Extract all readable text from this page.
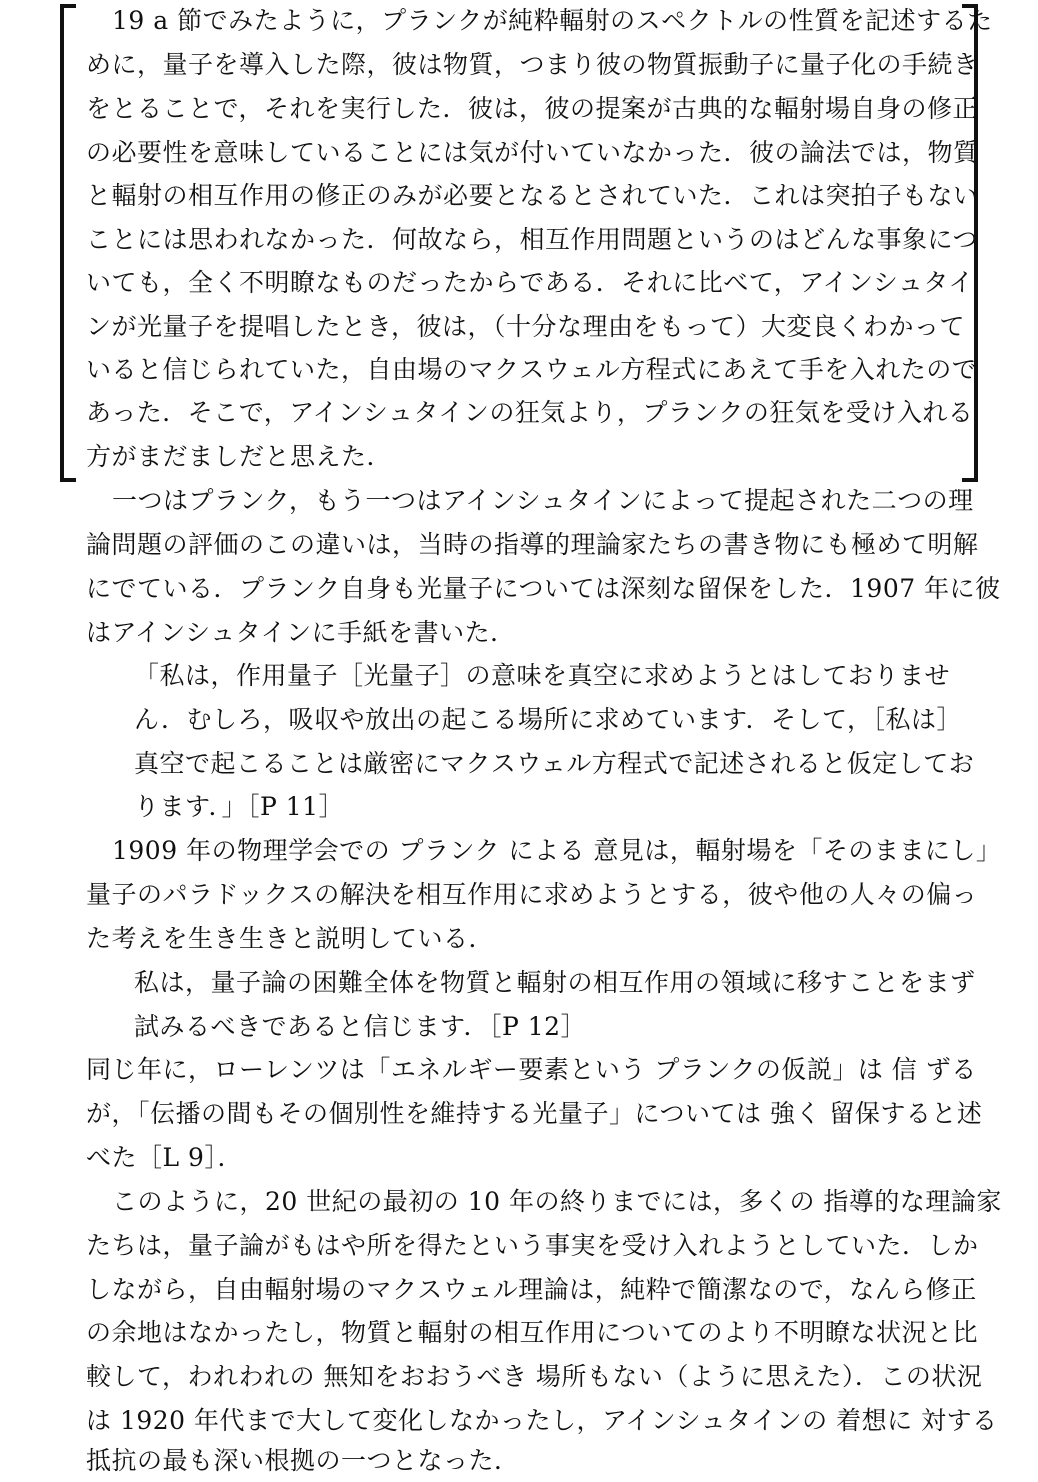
19 a 節でみたように，プランクが純粋輻射のスペクトルの性質を記述するた
めに，量子を導入した際，彼は物質，つまり彼の物質振動子に量子化の手続き
をとることで，それを実行した．彼は，彼の提案が古典的な輻射場自身の修正
の必要性を意味していることには気が付いていなかった．彼の論法では，物質
と輻射の相互作用の修正のみが必要となるとされていた．これは突拍子もない
ことには思われなかった．何故なら，相互作用問題というのはどんな事象につ
いても，全く不明瞭なものだったからである．それに比べて，アインシュタイ
ンが光量子を提唱したとき，彼は，（十分な理由をもって）大変良くわかって
いると信じられていた，自由場のマクスウェル方程式にあえて手を入れたので
あった．そこで，アインシュタインの狂気より，プランクの狂気を受け入れる
方がまだましだと思えた．
一つはプランク，もう一つはアインシュタインによって提起された二つの理
論問題の評価のこの違いは，当時の指導的理論家たちの書き物にも極めて明解
にでている．プランク自身も光量子については深刻な留保をした．1907 年に彼
はアインシュタインに手紙を書いた．
「私は，作用量子［光量子］の意味を真空に求めようとはしておりませ
ん．むしろ，吸収や放出の起こる場所に求めています．そして，［私は］
真空で起こることは厳密にマクスウェル方程式で記述されると仮定してお
ります．」［P 11］
1909 年の物理学会での プランク による 意見は，輻射場を「そのままにし」
量子のパラドックスの解決を相互作用に求めようとする，彼や他の人々の偏っ
た考えを生き生きと説明している．
私は，量子論の困難全体を物質と輻射の相互作用の領域に移すことをまず
試みるべきであると信じます．［P 12］
同じ年に，ローレンツは「エネルギー要素という プランクの仮説」は 信 ずる
が，「伝播の間もその個別性を維持する光量子」については 強く 留保すると述
べた［L 9］．
このように，20 世紀の最初の 10 年の終りまでには，多くの 指導的な理論家
たちは，量子論がもはや所を得たという事実を受け入れようとしていた．しか
しながら，自由輻射場のマクスウェル理論は，純粋で簡潔なので，なんら修正
の余地はなかったし，物質と輻射の相互作用についてのより不明瞭な状況と比
較して，われわれの 無知をおおうべき 場所もない（ように思えた）．この状況
は 1920 年代まで大して変化しなかったし，アインシュタインの 着想に 対する
抵抗の最も深い根拠の一つとなった．
